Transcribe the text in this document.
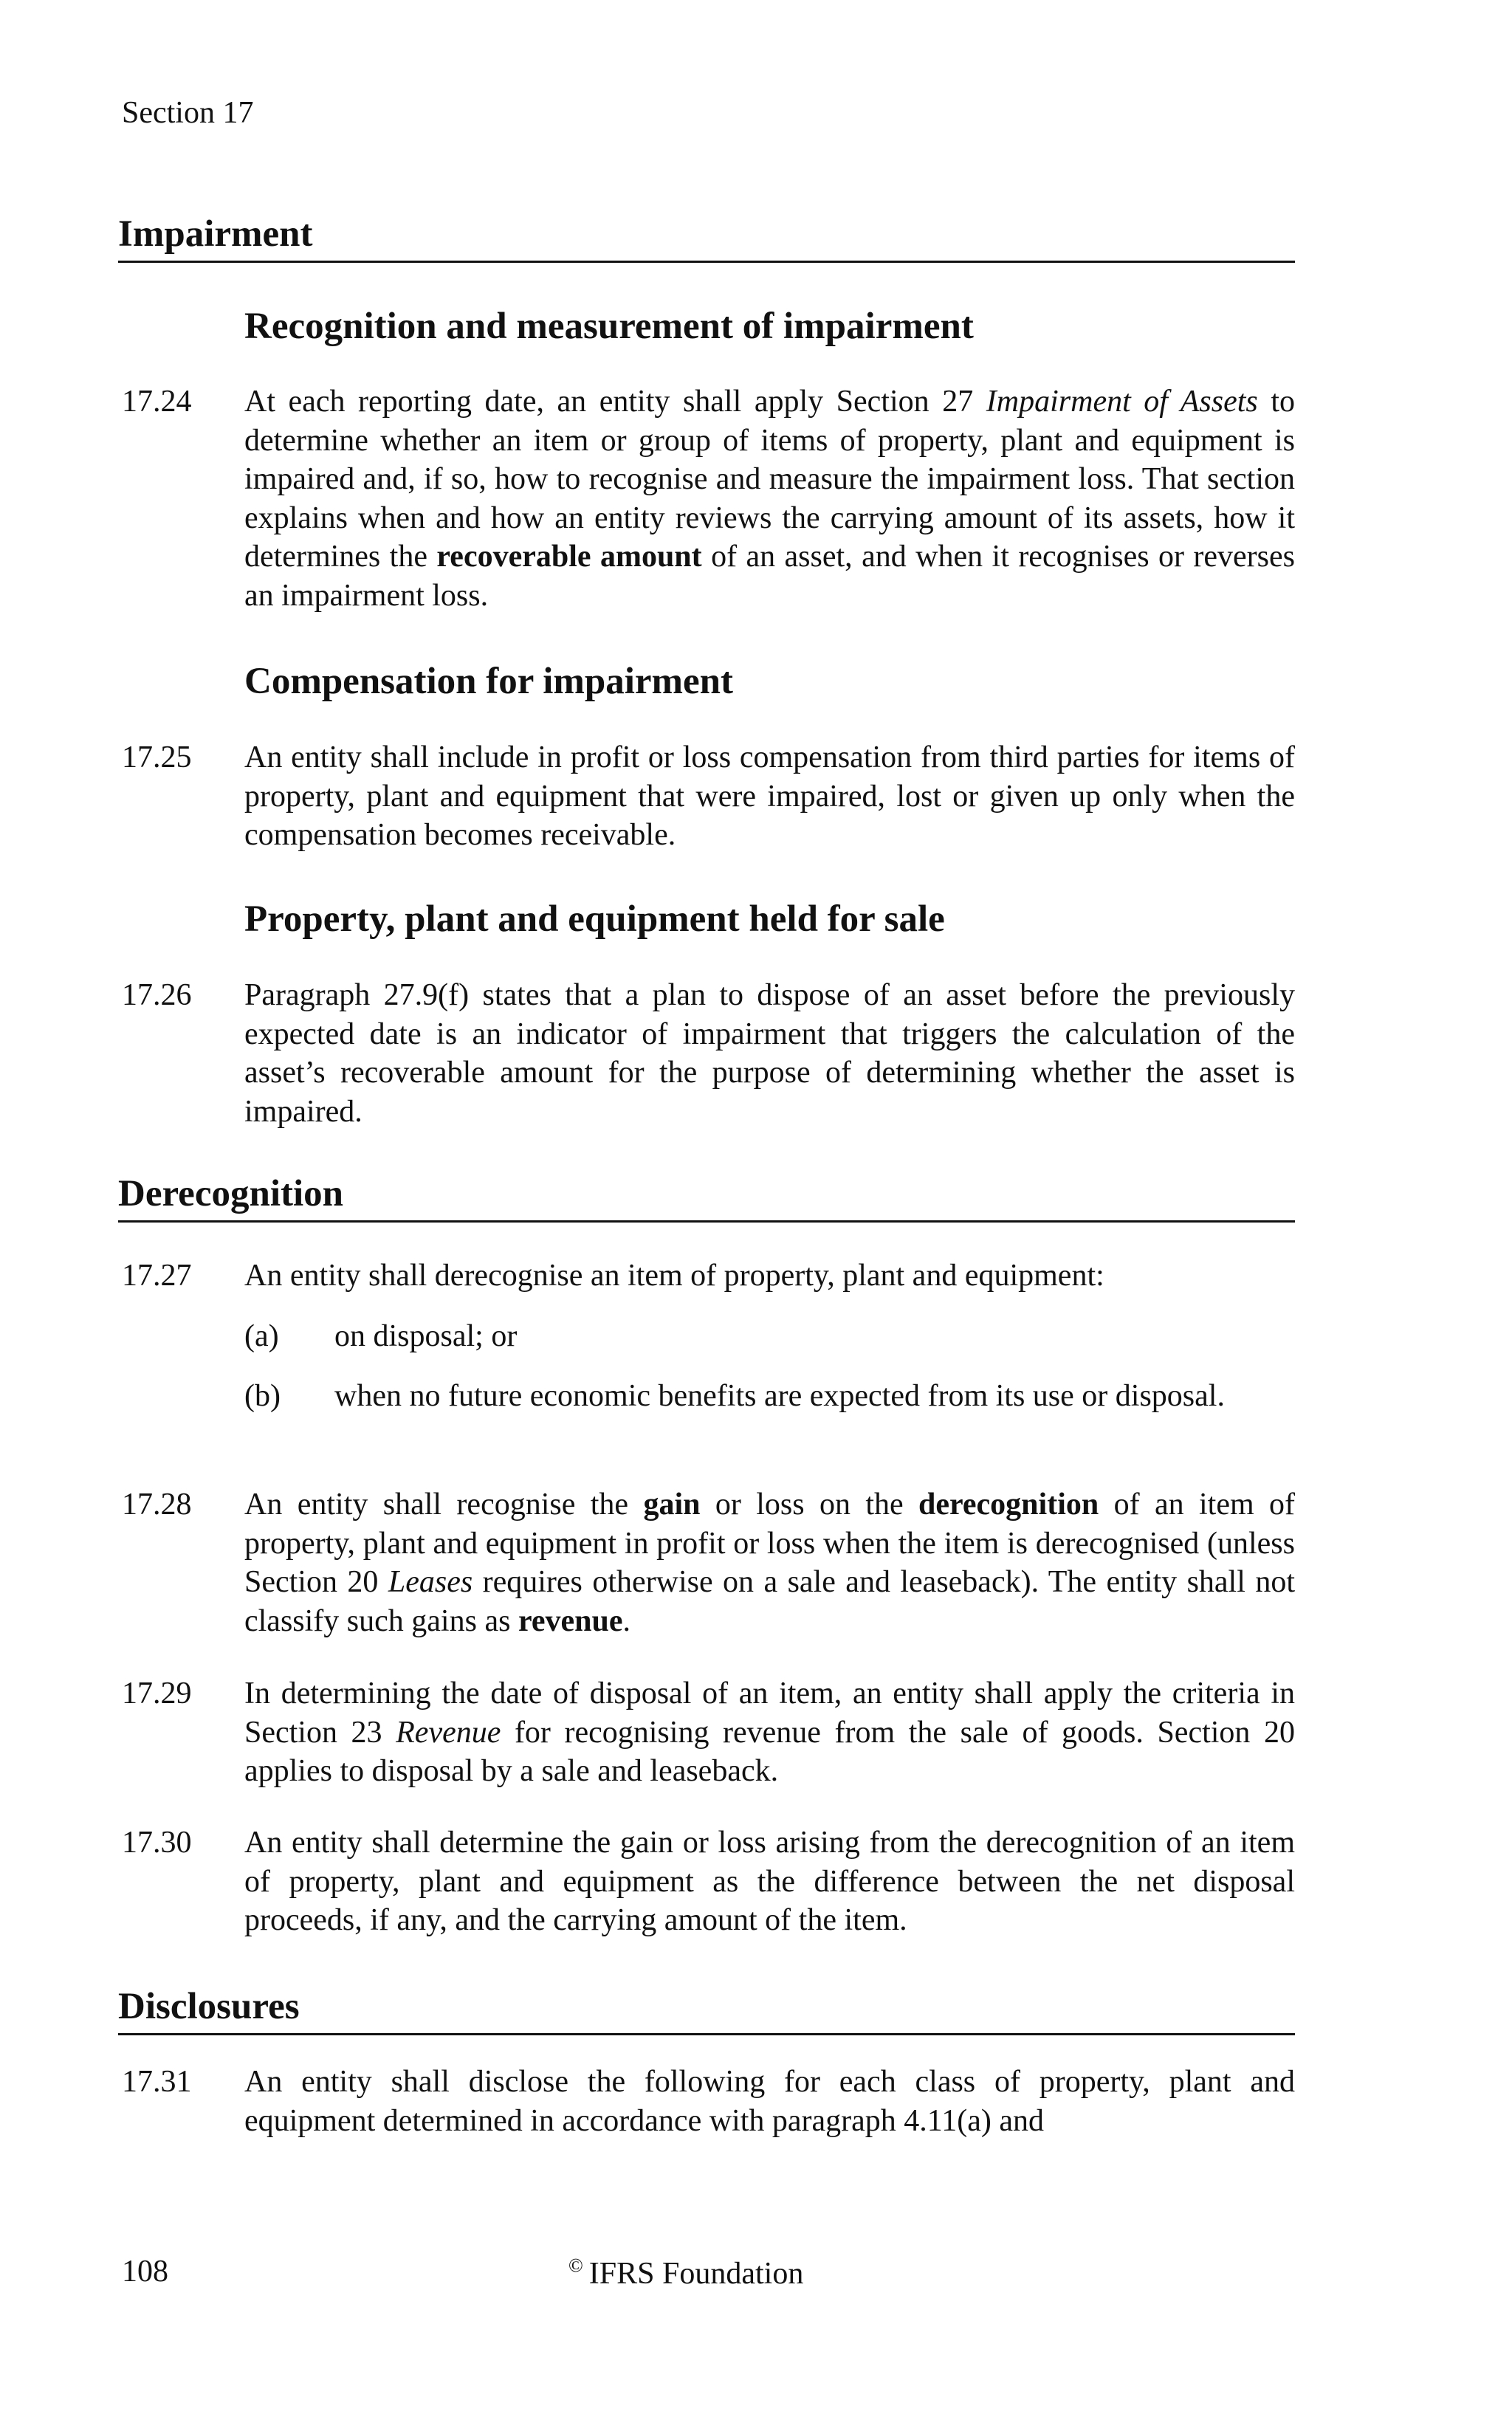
Section 17
Impairment
Recognition and measurement of impairment
17.24 At each reporting date, an entity shall apply Section 27 Impairment of Assets to determine whether an item or group of items of property, plant and equipment is impaired and, if so, how to recognise and measure the impairment loss. That section explains when and how an entity reviews the carrying amount of its assets, how it determines the recoverable amount of an asset, and when it recognises or reverses an impairment loss.
Compensation for impairment
17.25 An entity shall include in profit or loss compensation from third parties for items of property, plant and equipment that were impaired, lost or given up only when the compensation becomes receivable.
Property, plant and equipment held for sale
17.26 Paragraph 27.9(f) states that a plan to dispose of an asset before the previously expected date is an indicator of impairment that triggers the calculation of the asset’s recoverable amount for the purpose of determining whether the asset is impaired.
Derecognition
17.27 An entity shall derecognise an item of property, plant and equipment:
(a) on disposal; or
(b) when no future economic benefits are expected from its use or disposal.
17.28 An entity shall recognise the gain or loss on the derecognition of an item of property, plant and equipment in profit or loss when the item is derecognised (unless Section 20 Leases requires otherwise on a sale and leaseback). The entity shall not classify such gains as revenue.
17.29 In determining the date of disposal of an item, an entity shall apply the criteria in Section 23 Revenue for recognising revenue from the sale of goods. Section 20 applies to disposal by a sale and leaseback.
17.30 An entity shall determine the gain or loss arising from the derecognition of an item of property, plant and equipment as the difference between the net disposal proceeds, if any, and the carrying amount of the item.
Disclosures
17.31 An entity shall disclose the following for each class of property, plant and equipment determined in accordance with paragraph 4.11(a) and
108	© IFRS Foundation
